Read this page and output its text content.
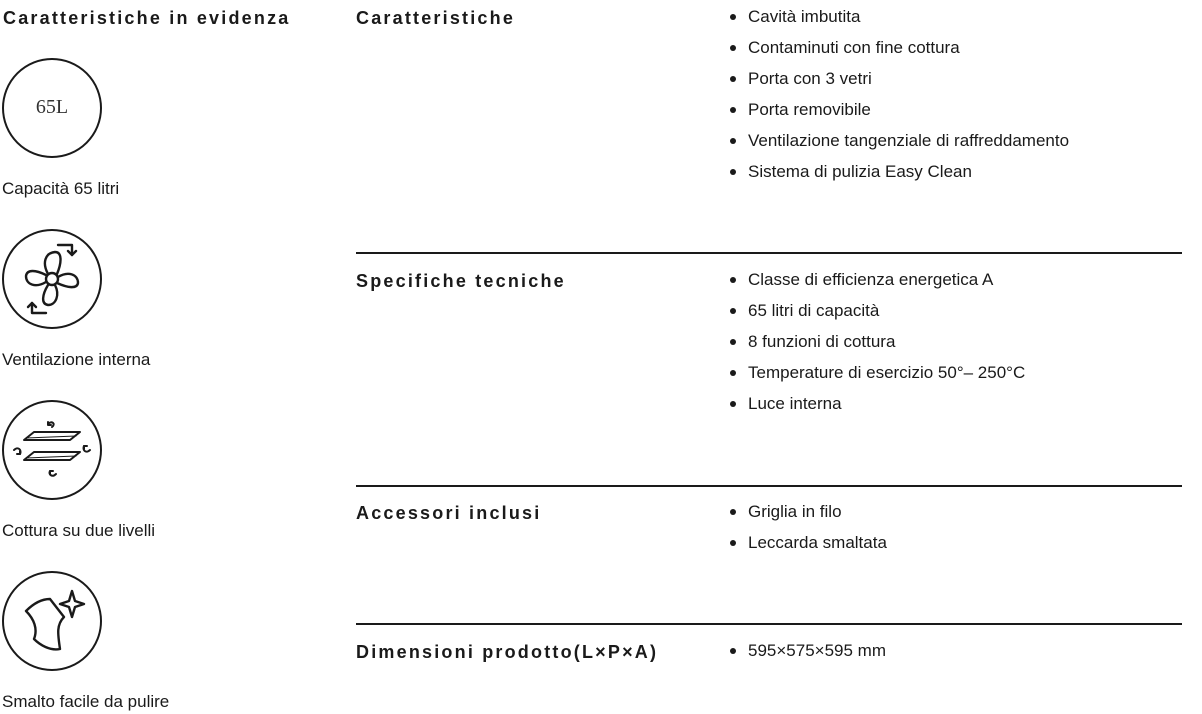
Caratteristiche in evidenza
65L
Capacità 65 litri
Ventilazione interna
Cottura su due livelli
Smalto facile da pulire
Caratteristiche	Cavità imbutita
Contaminuti con fine cottura
Porta con 3 vetri
Porta removibile
Ventilazione tangenziale di raffreddamento
Sistema di pulizia Easy Clean
Specifiche tecniche	Classe di efficienza energetica A
65 litri di capacità
8 funzioni di cottura
Temperature di esercizio 50°– 250°C
Luce interna
Accessori inclusi	Griglia in filo
Leccarda smaltata
Dimensioni prodotto(L×P×A)	595×575×595 mm
